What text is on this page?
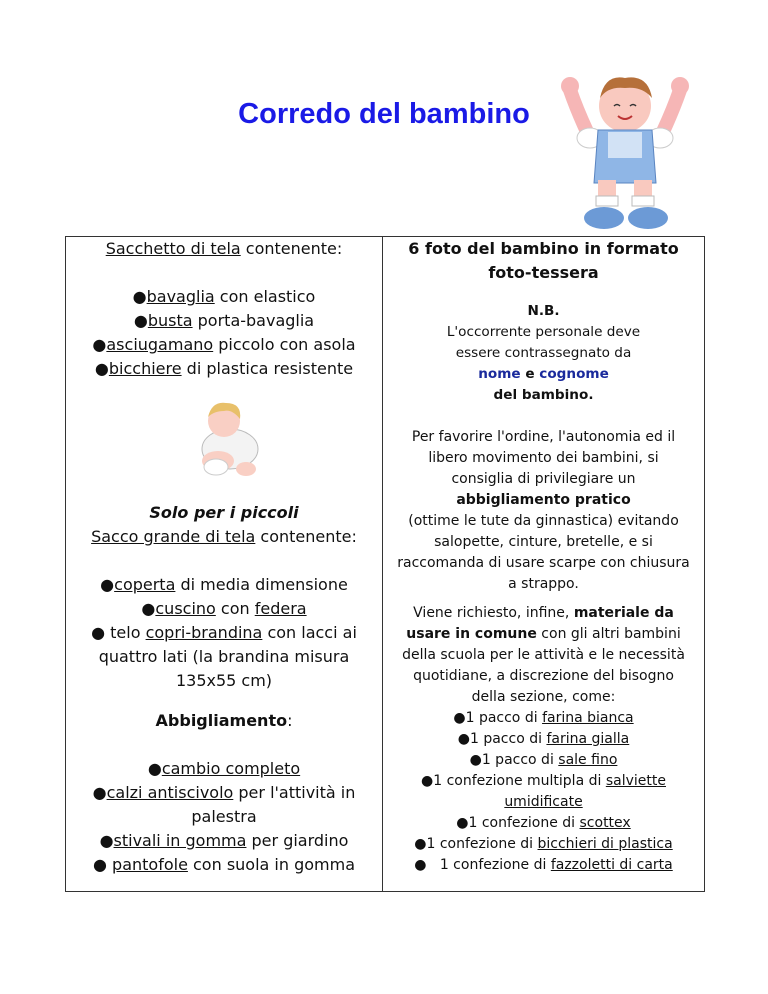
Corredo del bambino
Sacchetto di tela contenente:
●bavaglia con elastico
●busta porta-bavaglia
●asciugamano piccolo con asola
●bicchiere di plastica resistente
Solo per i piccoli
Sacco grande di tela contenente:
●coperta di media dimensione
●cuscino con federa
● telo copri-brandina con lacci ai
quattro lati (la brandina misura
135x55 cm)
Abbigliamento:
●cambio completo
●calzi antiscivolo per l'attività in
palestra
●stivali in gomma per giardino
● pantofole con suola in gomma
6 foto del bambino in formato
foto-tessera
N.B.
L'occorrente personale deve
essere contrassegnato da
nome e cognome
del bambino.
Per favorire l'ordine, l'autonomia ed il
libero movimento dei bambini, si
consiglia di privilegiare un
abbigliamento pratico
(ottime le tute da ginnastica) evitando
salopette, cinture, bretelle, e si
raccomanda di usare scarpe con chiusura
a strappo.
Viene richiesto, infine, materiale da
usare in comune con gli altri bambini
della scuola per le attività e le necessità
quotidiane, a discrezione del bisogno
della sezione, come:
●1 pacco di farina bianca
●1 pacco di farina gialla
●1 pacco di sale fino
●1 confezione multipla di salviette
umidificate
●1 confezione di scottex
●1 confezione di bicchieri di plastica
●   1 confezione di fazzoletti di carta
